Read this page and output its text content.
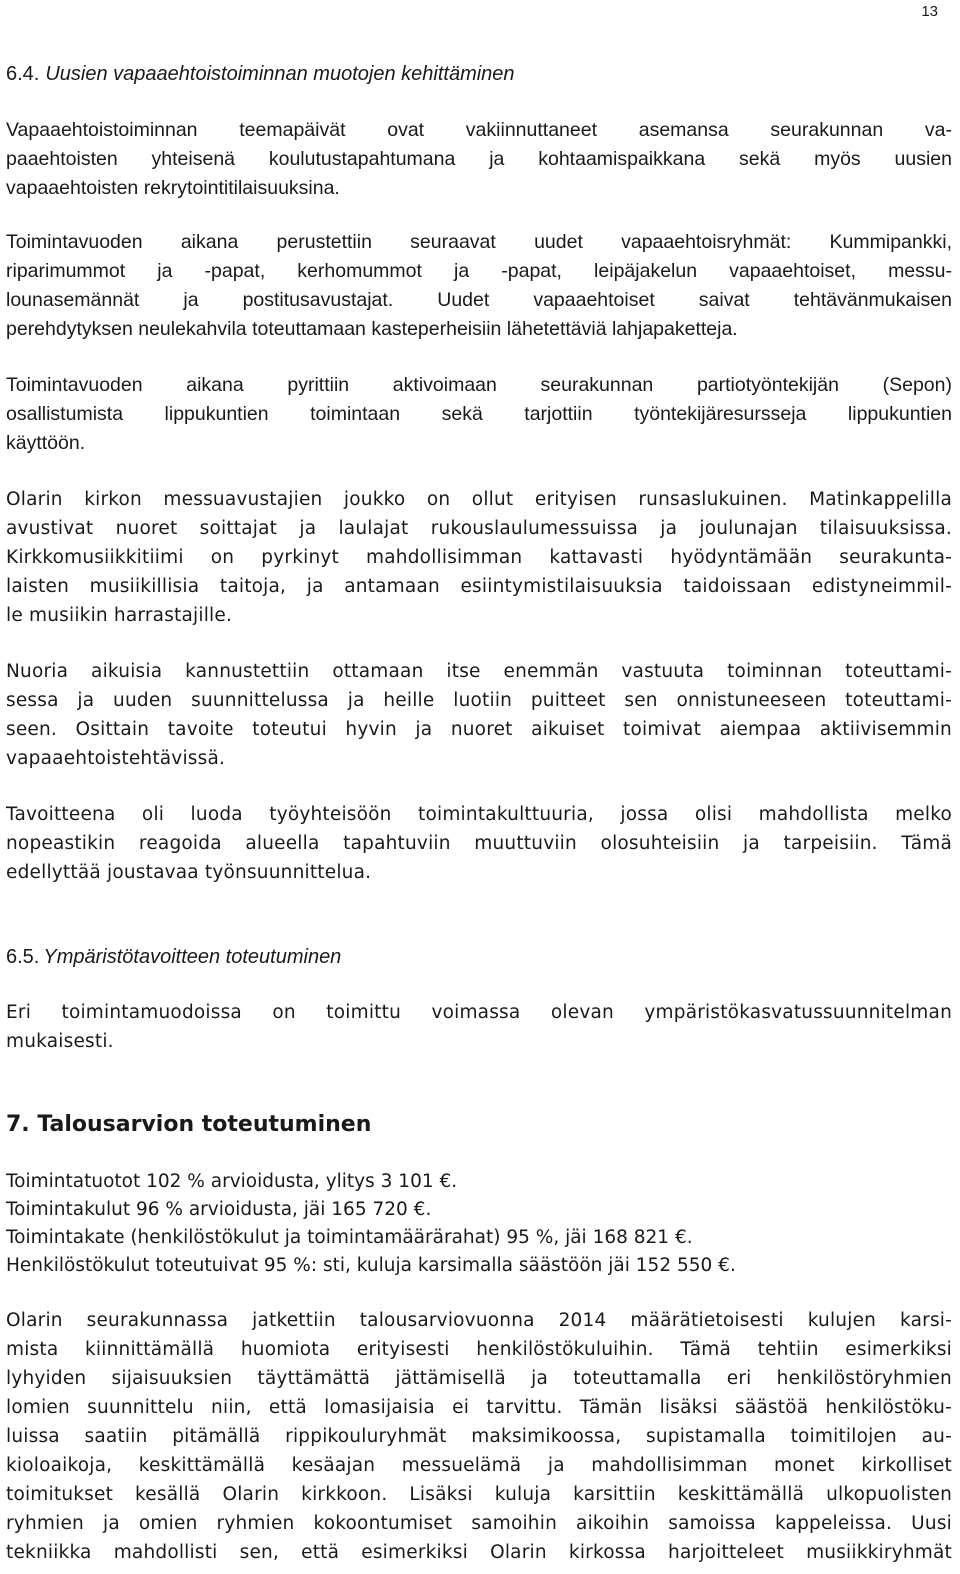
13
6.4. Uusien vapaaehtoistoiminnan muotojen kehittäminen

Vapaaehtoistoiminnan teemapäivät ovat vakiinnuttaneet asemansa seurakunnan va-
paaehtoisten yhteisenä koulutustapahtumana ja kohtaamispaikkana sekä myös uusien
vapaaehtoisten rekrytointitilaisuuksina.

Toimintavuoden aikana perustettiin seuraavat uudet vapaaehtoisryhmät: Kummipankki,
riparimummot ja -papat, kerhomummot ja -papat, leipäjakelun vapaaehtoiset, messu-
lounasemännät ja postitusavustajat. Uudet vapaaehtoiset saivat tehtävänmukaisen
perehdytyksen neulekahvila toteuttamaan kasteperheisiin lähetettäviä lahjapaketteja.

Toimintavuoden aikana pyrittiin aktivoimaan seurakunnan partiotyöntekijän (Sepon)
osallistumista lippukuntien toimintaan sekä tarjottiin työntekijäresursseja lippukuntien
käyttöön.

Olarin kirkon messuavustajien joukko on ollut erityisen runsaslukuinen. Matinkappelilla
avustivat nuoret soittajat ja laulajat rukouslaulumessuissa ja joulunajan tilaisuuksissa.
Kirkkomusiikkitiimi on pyrkinyt mahdollisimman kattavasti hyödyntämään seurakunta-
laisten musiikillisia taitoja, ja antamaan esiintymistilaisuuksia taidoissaan edistyneimmil-
le musiikin harrastajille.

Nuoria aikuisia kannustettiin ottamaan itse enemmän vastuuta toiminnan toteuttami-
sessa ja uuden suunnittelussa ja heille luotiin puitteet sen onnistuneeseen toteuttami-
seen. Osittain tavoite toteutui hyvin ja nuoret aikuiset toimivat aiempaa aktiivisemmin
vapaaehtoistehtävissä.

Tavoitteena oli luoda työyhteisöön toimintakulttuuria, jossa olisi mahdollista melko
nopeastikin reagoida alueella tapahtuviin muuttuviin olosuhteisiin ja tarpeisiin. Tämä
edellyttää joustavaa työnsuunnittelua.

6.5. Ympäristötavoitteen toteutuminen

Eri toimintamuodoissa on toimittu voimassa olevan ympäristökasvatussuunnitelman
mukaisesti.

7. Talousarvion toteutuminen
Toimintatuotot 102 % arvioidusta, ylitys 3 101 €.
Toimintakulut 96 % arvioidusta, jäi 165 720 €.
Toimintakate (henkilöstökulut ja toimintamäärärahat) 95 %, jäi 168 821 €.
Henkilöstökulut toteutuivat 95 %: sti, kuluja karsimalla säästöön jäi 152 550 €.

Olarin seurakunnassa jatkettiin talousarviovuonna 2014 määrätietoisesti kulujen karsi-
mista kiinnittämällä huomiota erityisesti henkilöstökuluihin. Tämä tehtiin esimerkiksi
lyhyiden sijaisuuksien täyttämättä jättämisellä ja toteuttamalla eri henkilöstöryhmien
lomien suunnittelu niin, että lomasijaisia ei tarvittu. Tämän lisäksi säästöä henkilöstöku-
luissa saatiin pitämällä rippikouluryhmät maksimikoossa, supistamalla toimitilojen au-
kioloaikoja, keskittämällä kesäajan messuelämä ja mahdollisimman monet kirkolliset
toimitukset kesällä Olarin kirkkoon. Lisäksi kuluja karsittiin keskittämällä ulkopuolisten
ryhmien ja omien ryhmien kokoontumiset samoihin aikoihin samoissa kappeleissa. Uusi
tekniikka mahdollisti sen, että esimerkiksi Olarin kirkossa harjoitteleet musiikkiryhmät
